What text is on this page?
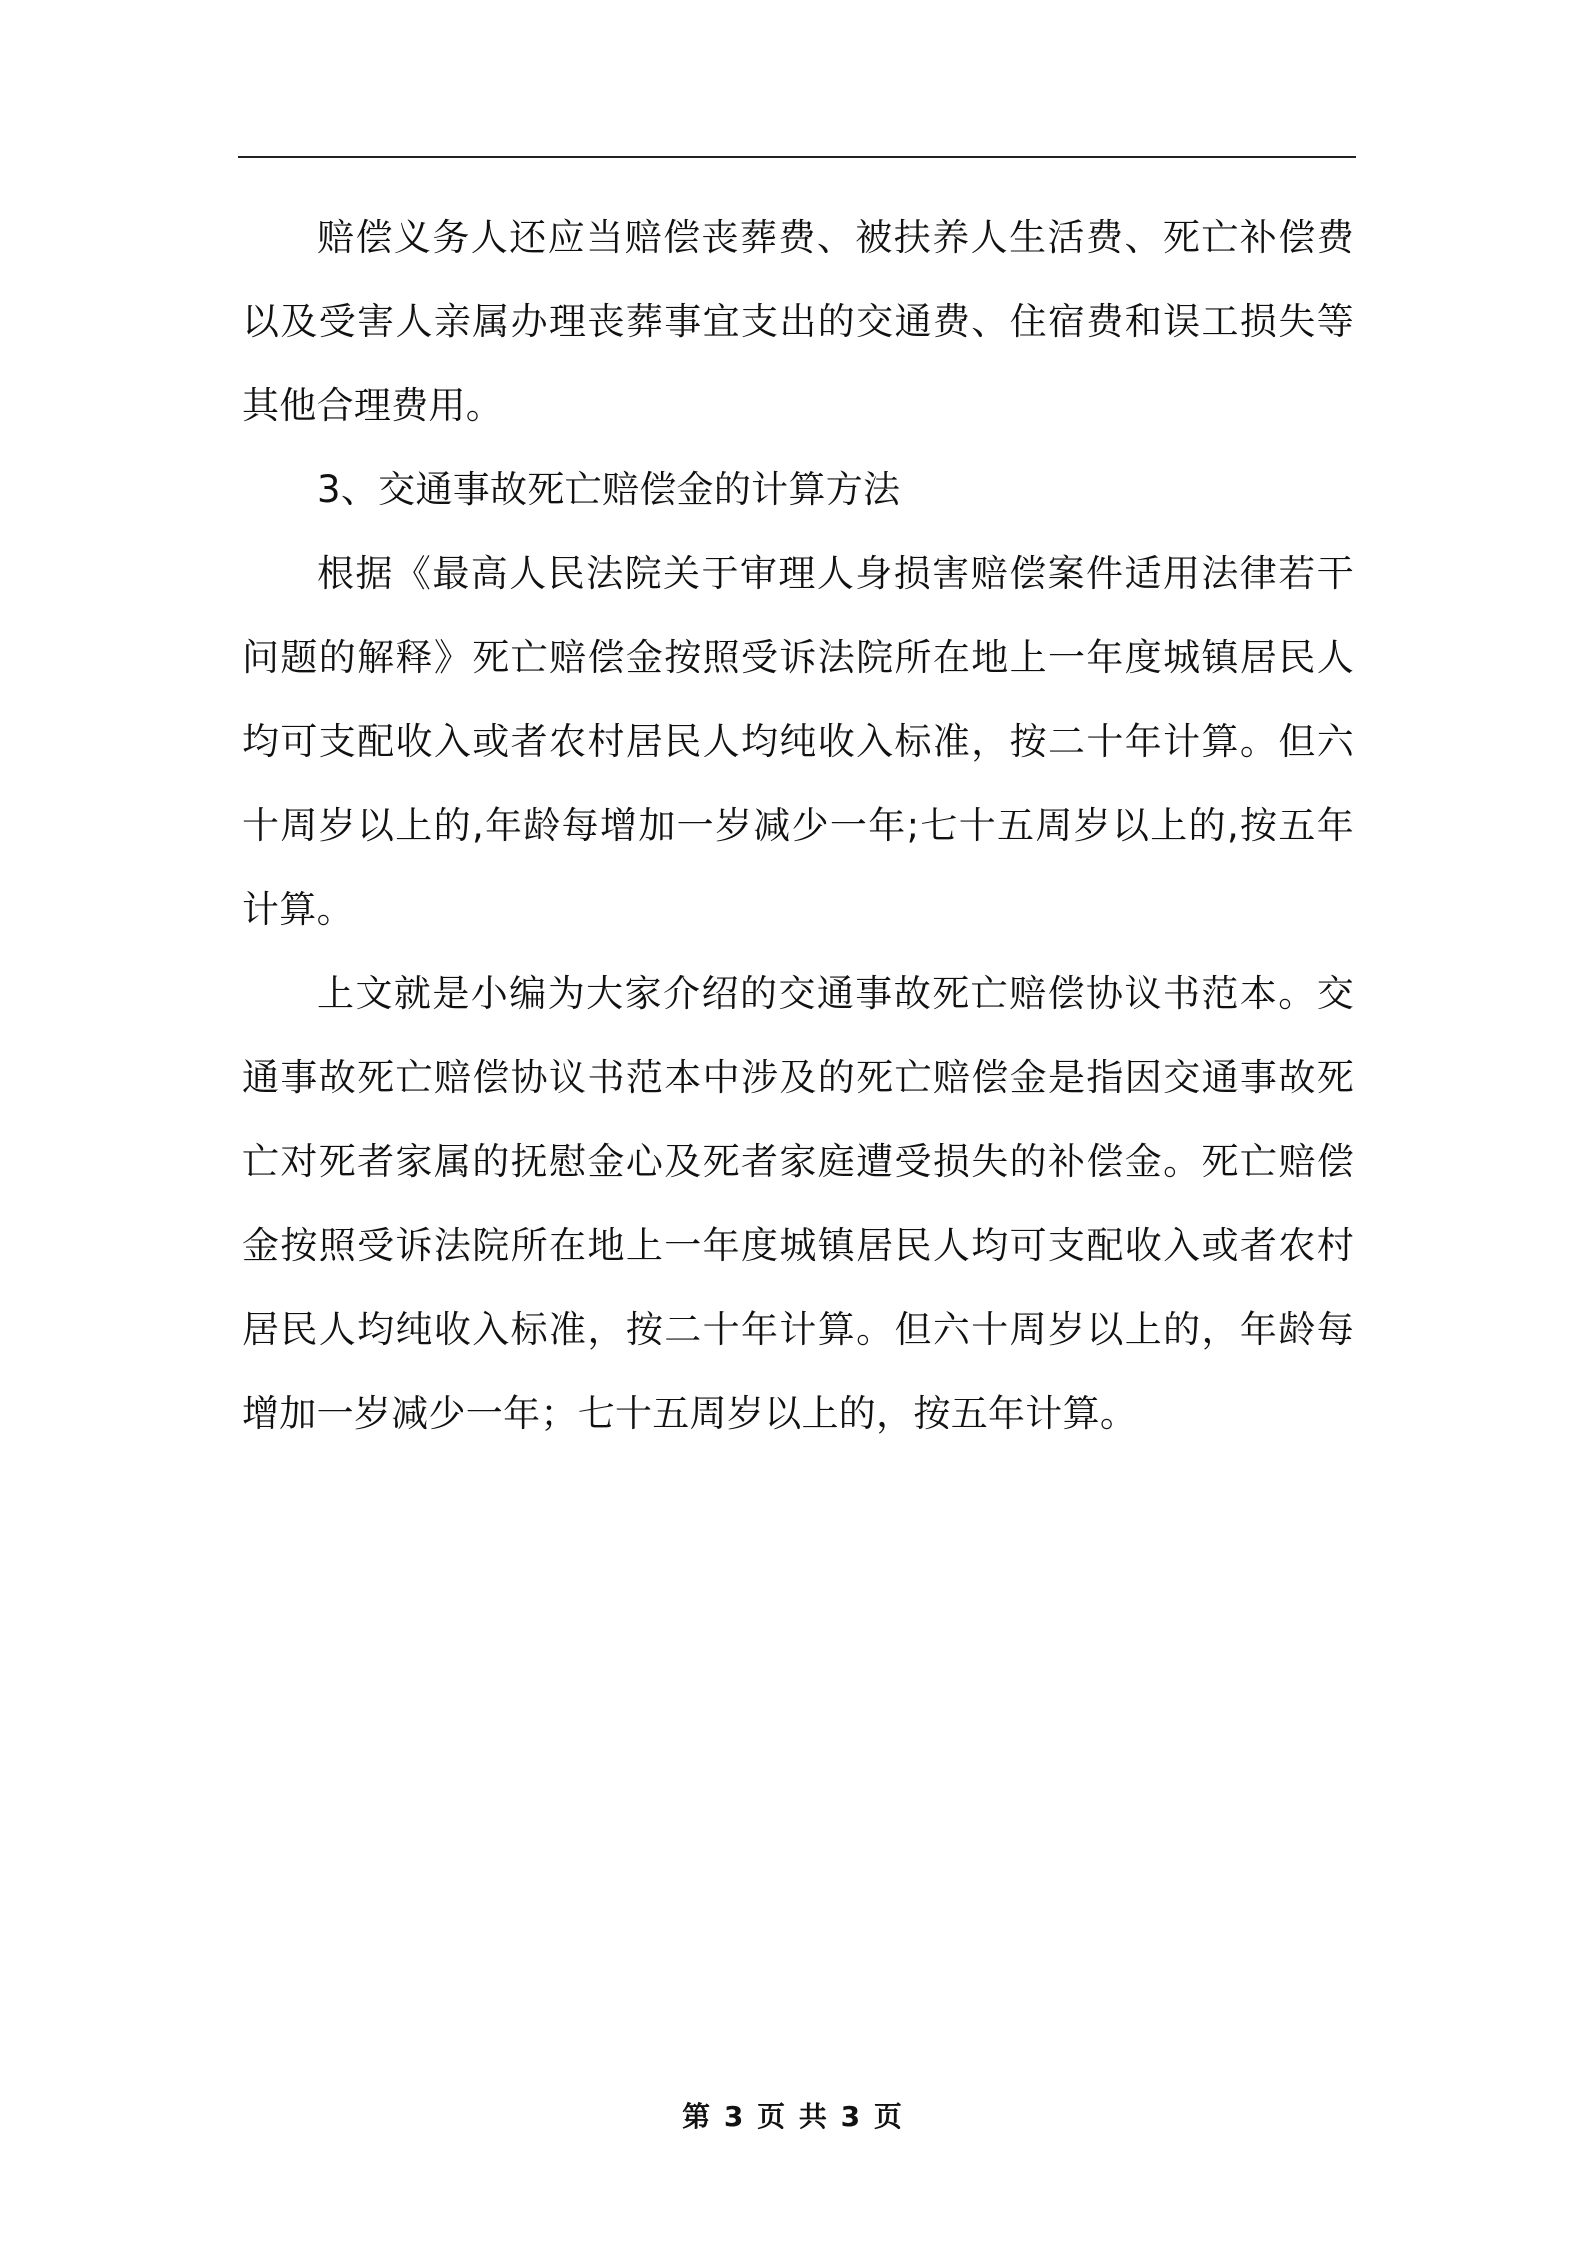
赔偿义务人还应当赔偿丧葬费、被扶养人生活费、死亡补偿费以及受害人亲属办理丧葬事宜支出的交通费、住宿费和误工损失等其他合理费用。

3、交通事故死亡赔偿金的计算方法

根据《最高人民法院关于审理人身损害赔偿案件适用法律若干问题的解释》死亡赔偿金按照受诉法院所在地上一年度城镇居民人均可支配收入或者农村居民人均纯收入标准，按二十年计算。但六十周岁以上的,年龄每增加一岁减少一年;七十五周岁以上的,按五年计算。

上文就是小编为大家介绍的交通事故死亡赔偿协议书范本。交通事故死亡赔偿协议书范本中涉及的死亡赔偿金是指因交通事故死亡对死者家属的抚慰金心及死者家庭遭受损失的补偿金。死亡赔偿金按照受诉法院所在地上一年度城镇居民人均可支配收入或者农村居民人均纯收入标准，按二十年计算。但六十周岁以上的，年龄每增加一岁减少一年；七十五周岁以上的，按五年计算。

第 3 页 共 3 页
